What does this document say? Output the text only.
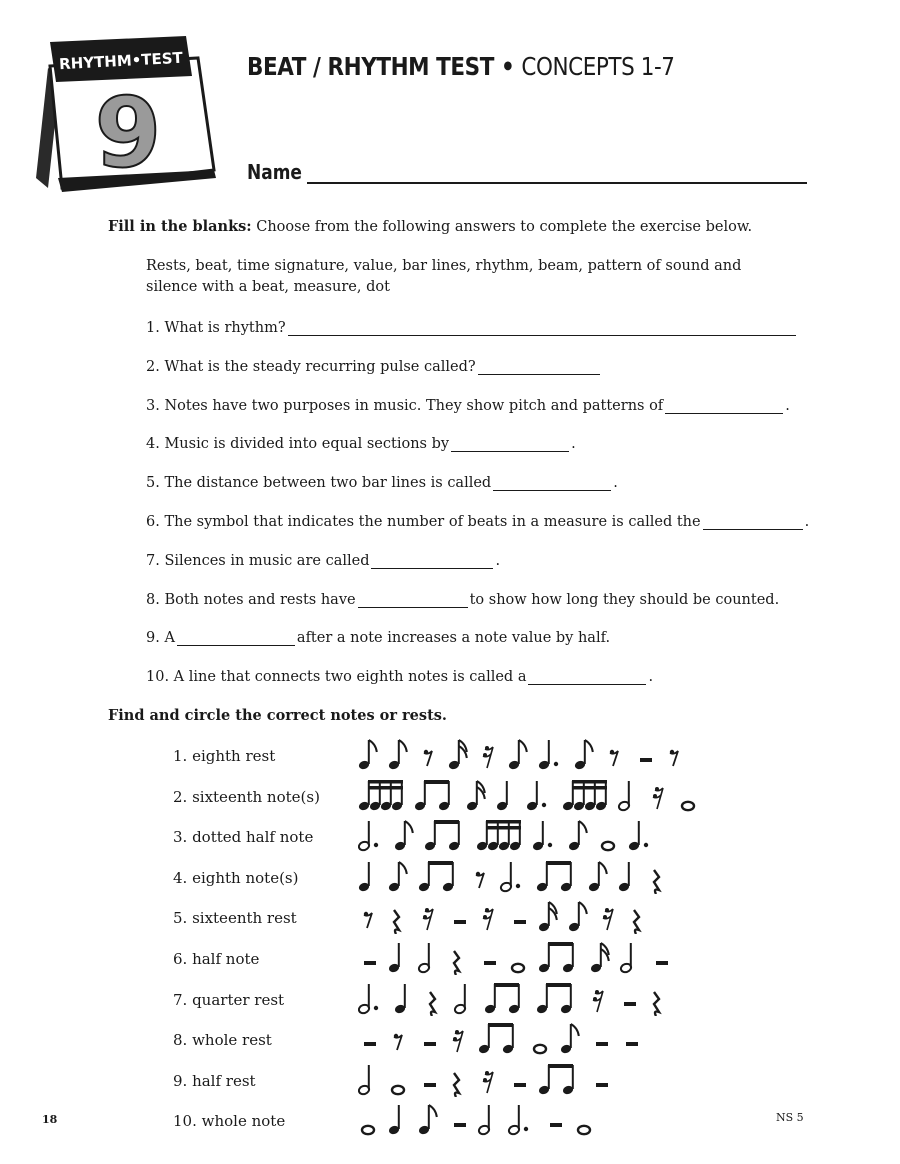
RHYTHM•TEST
9
BEAT / RHYTHM TEST • CONCEPTS 1-7
Name
Fill in the blanks: Choose from the following answers to complete the exercise below.
Rests, beat, time signature, value, bar lines, rhythm, beam, pattern of sound and silence with a beat, measure, dot
1. What is rhythm?
2. What is the steady recurring pulse called?
3. Notes have two purposes in music. They show pitch and patterns of	.
4. Music is divided into equal sections by	.
5. The distance between two bar lines is called	.
6. The symbol that indicates the number of beats in a measure is called the	.
7. Silences in music are called	.
8. Both notes and rests have	to show how long they should be counted.
9. A	after a note increases a note value by half.
10. A line that connects two eighth notes is called a	.
Find and circle the correct notes or rests.
1. eighth rest
2. sixteenth note(s)
3. dotted half note
4. eighth note(s)
5. sixteenth rest
6. half note
7. quarter rest
8. whole rest
9. half rest
10. whole note
18	NS 5
